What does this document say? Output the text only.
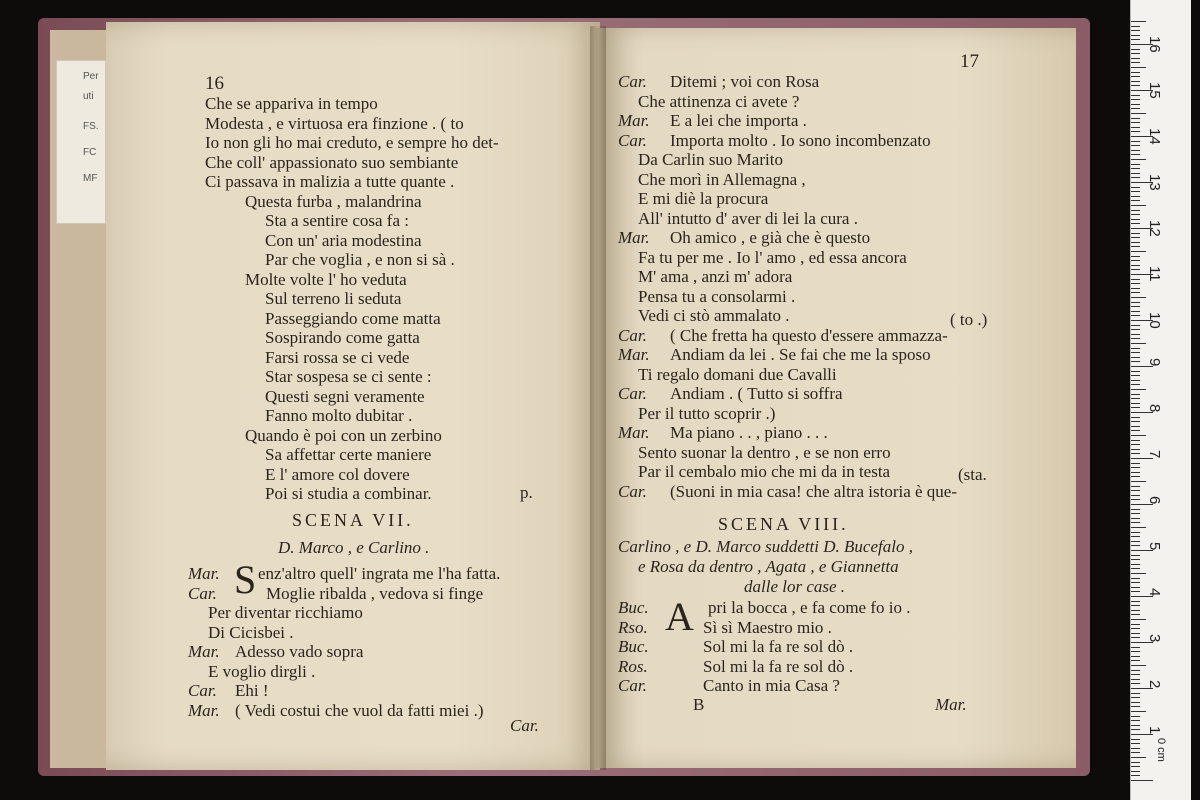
Per
uti
FS.
FC
MF
16
15
14
13
12
11
10
9
8
7
6
5
4
3
2
1
0 cm
16
Che se appariva in tempo
Modesta , e virtuosa era finzione . ( to
Io non gli ho mai creduto, e sempre ho det-
Che coll' appassionato suo sembiante
Ci passava in malizia a tutte quante .
Questa furba , malandrina
Sta a sentire cosa fa :
Con un' aria modestina
Par che voglia , e non si sà .
Molte volte l' ho veduta
Sul terreno li seduta
Passeggiando come matta
Sospirando come gatta
Farsi rossa se ci vede
Star sospesa se ci sente :
Questi segni veramente
Fanno molto dubitar .
Quando è poi con un zerbino
Sa affettar certe maniere
E l' amore col dovere
Poi si studia a combinar.	p.
SCENA VII.
D. Marco , e Carlino .
S
Mar. enz'altro quell' ingrata me l'ha fatta.
Car.	Moglie ribalda , vedova si finge
Per diventar ricchiamo
Di Cicisbei .
Mar. Adesso vado sopra
E voglio dirgli .
Car. Ehi !
Mar. ( Vedi costui che vuol da fatti miei .)
Car.
17
Car. Ditemi ; voi con Rosa
Che attinenza ci avete ?
Mar. E a lei che importa .
Car. Importa molto . Io sono incombenzato
Da Carlin suo Marito
Che morì in Allemagna ,
E mi diè la procura
All' intutto d' aver di lei la cura .
Mar. Oh amico , e già che è questo
Fa tu per me . Io l' amo , ed essa ancora
M' ama , anzi m' adora
Pensa tu a consolarmi .
Vedi ci stò ammalato .
Car. ( Che fretta ha questo d'essere ammazza-
Mar. Andiam da lei . Se fai che me la sposo
Ti regalo domani due Cavalli
Car. Andiam . ( Tutto si soffra
Per il tutto scoprir .)
Mar. Ma piano . . , piano . . .
Sento suonar la dentro , e se non erro
Par il cembalo mio che mi da in testa
Car. (Suoni in mia casa! che altra istoria è que-
( to .)
(sta.
SCENA VIII.
Carlino , e D. Marco suddetti D. Bucefalo ,
e Rosa da dentro , Agata , e Giannetta
dalle lor case .
A
Buc.	pri la bocca , e fa come fo io .
Rso.	Sì sì Maestro mio .
Buc.	Sol mi la fa re sol dò .
Ros.	Sol mi la fa re sol dò .
Car.	Canto in mia Casa ?
B	Mar.
